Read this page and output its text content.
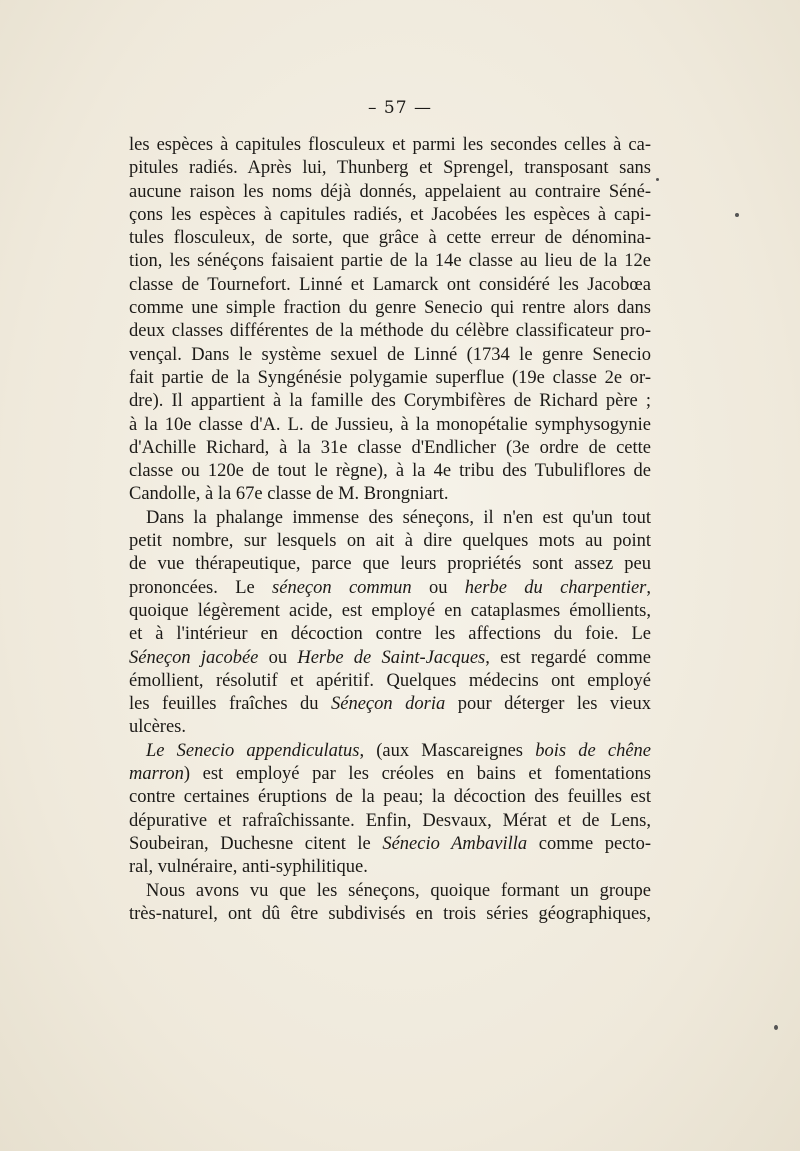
– 57 —
les espèces à capitules flosculeux et parmi les secondes celles à ca-
pitules radiés. Après lui, Thunberg et Sprengel, transposant sans
aucune raison les noms déjà donnés, appelaient au contraire Séné-
çons les espèces à capitules radiés, et Jacobées les espèces à capi-
tules flosculeux, de sorte, que grâce à cette erreur de dénomina-
tion, les sénéçons faisaient partie de la 14e classe au lieu de la 12e
classe de Tournefort. Linné et Lamarck ont considéré les Jacobœa
comme une simple fraction du genre Senecio qui rentre alors dans
deux classes différentes de la méthode du célèbre classificateur pro-
vençal. Dans le système sexuel de Linné (1734 le genre Senecio
fait partie de la Syngénésie polygamie superflue (19e classe 2e or-
dre). Il appartient à la famille des Corymbifères de Richard père ;
à la 10e classe d'A. L. de Jussieu, à la monopétalie symphysogynie
d'Achille Richard, à la 31e classe d'Endlicher (3e ordre de cette
classe ou 120e de tout le règne), à la 4e tribu des Tubuliflores de
Candolle, à la 67e classe de M. Brongniart.
Dans la phalange immense des séneçons, il n'en est qu'un tout
petit nombre, sur lesquels on ait à dire quelques mots au point
de vue thérapeutique, parce que leurs propriétés sont assez peu
prononcées. Le séneçon commun ou herbe du charpentier,
quoique légèrement acide, est employé en cataplasmes émollients,
et à l'intérieur en décoction contre les affections du foie. Le
Séneçon jacobée ou Herbe de Saint-Jacques, est regardé comme
émollient, résolutif et apéritif. Quelques médecins ont employé
les feuilles fraîches du Séneçon doria pour déterger les vieux
ulcères.
Le Senecio appendiculatus, (aux Mascareignes bois de chêne
marron) est employé par les créoles en bains et fomentations
contre certaines éruptions de la peau; la décoction des feuilles est
dépurative et rafraîchissante. Enfin, Desvaux, Mérat et de Lens,
Soubeiran, Duchesne citent le Sénecio Ambavilla comme pecto-
ral, vulnéraire, anti-syphilitique.
Nous avons vu que les séneçons, quoique formant un groupe
très-naturel, ont dû être subdivisés en trois séries géographiques,
